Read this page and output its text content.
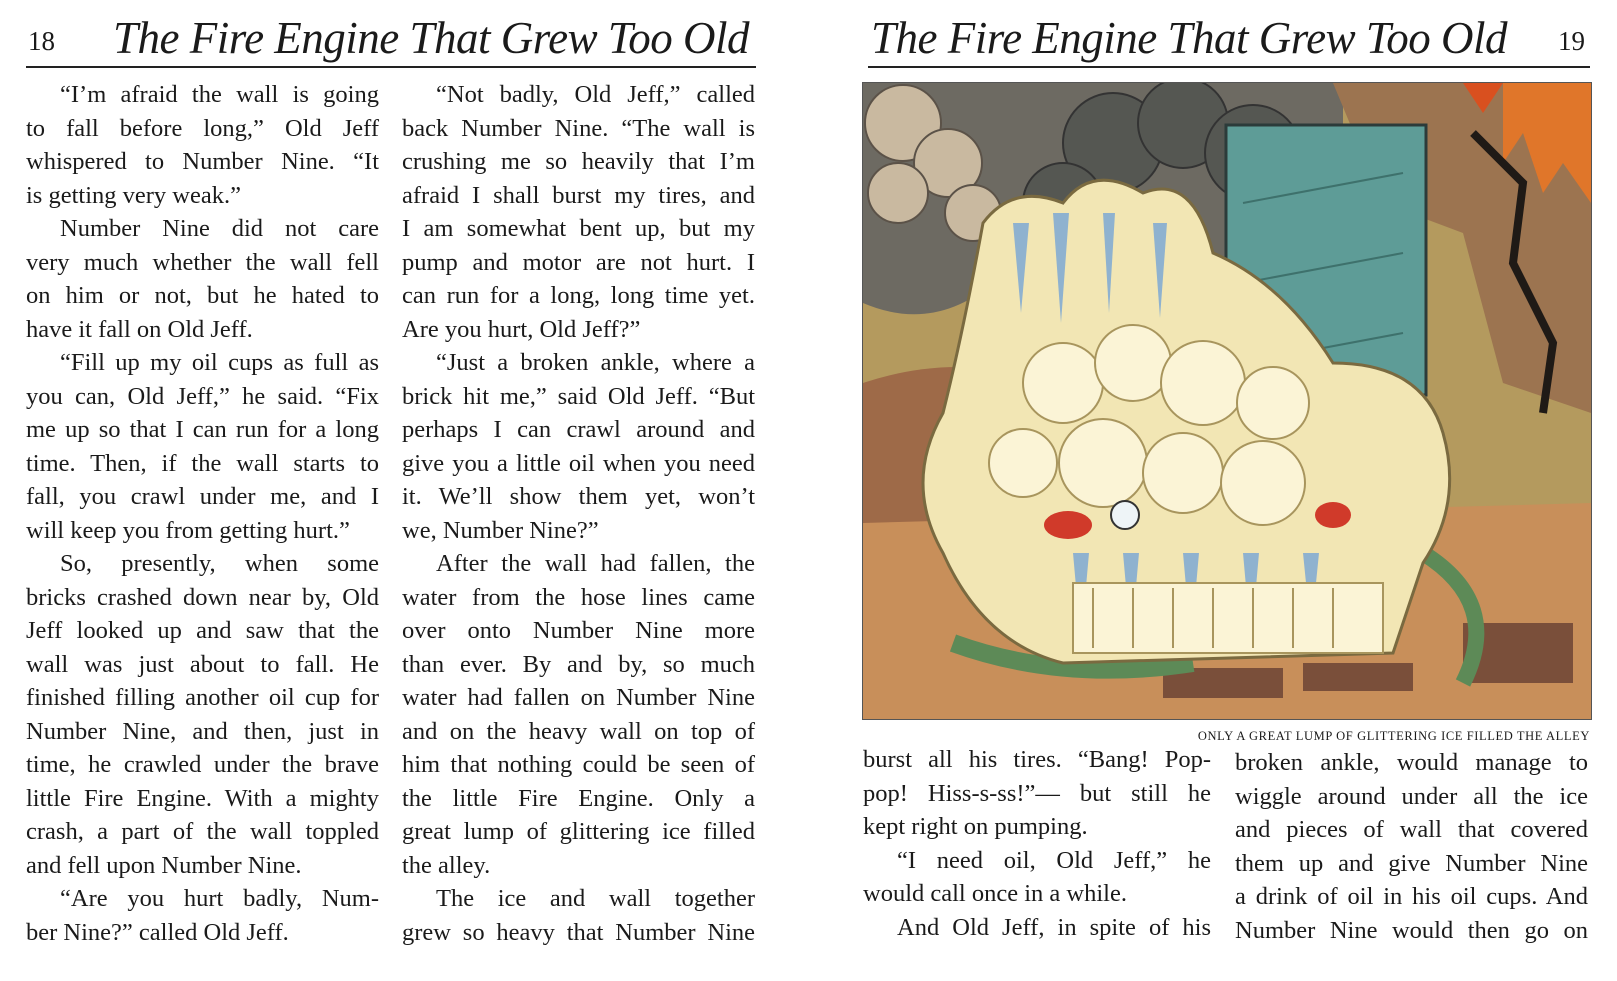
18 The Fire Engine That Grew Too Old
“I’m afraid the wall is going
to fall before long,” Old Jeff
whispered to Number Nine. “It
is getting very weak.”
Number Nine did not care
very much whether the wall fell
on him or not, but he hated to
have it fall on Old Jeff.
“Fill up my oil cups as full as
you can, Old Jeff,” he said. “Fix
me up so that I can run for a long
time. Then, if the wall starts to
fall, you crawl under me, and I
will keep you from getting hurt.”
So, presently, when some
bricks crashed down near by, Old
Jeff looked up and saw that the
wall was just about to fall. He
finished filling another oil cup for
Number Nine, and then, just in
time, he crawled under the brave
little Fire Engine. With a mighty
crash, a part of the wall toppled
and fell upon Number Nine.
“Are you hurt badly, Num-
ber Nine?” called Old Jeff.
“Not badly, Old Jeff,” called
back Number Nine. “The wall is
crushing me so heavily that I’m
afraid I shall burst my tires, and
I am somewhat bent up, but my
pump and motor are not hurt. I
can run for a long, long time yet.
Are you hurt, Old Jeff?”
“Just a broken ankle, where a
brick hit me,” said Old Jeff. “But
perhaps I can crawl around and
give you a little oil when you need
it. We’ll show them yet, won’t
we, Number Nine?”
After the wall had fallen, the
water from the hose lines came
over onto Number Nine more
than ever. By and by, so much
water had fallen on Number Nine
and on the heavy wall on top of
him that nothing could be seen of
the little Fire Engine. Only a
great lump of glittering ice filled
the alley.
The ice and wall together
grew so heavy that Number Nine
The Fire Engine That Grew Too Old 19
ONLY A GREAT LUMP OF GLITTERING ICE FILLED THE ALLEY
burst all his tires. “Bang! Pop-
pop! Hiss-s-ss!”— but still he
kept right on pumping.
“I need oil, Old Jeff,” he
would call once in a while.
And Old Jeff, in spite of his
broken ankle, would manage to
wiggle around under all the ice
and pieces of wall that covered
them up and give Number Nine
a drink of oil in his oil cups. And
Number Nine would then go on
